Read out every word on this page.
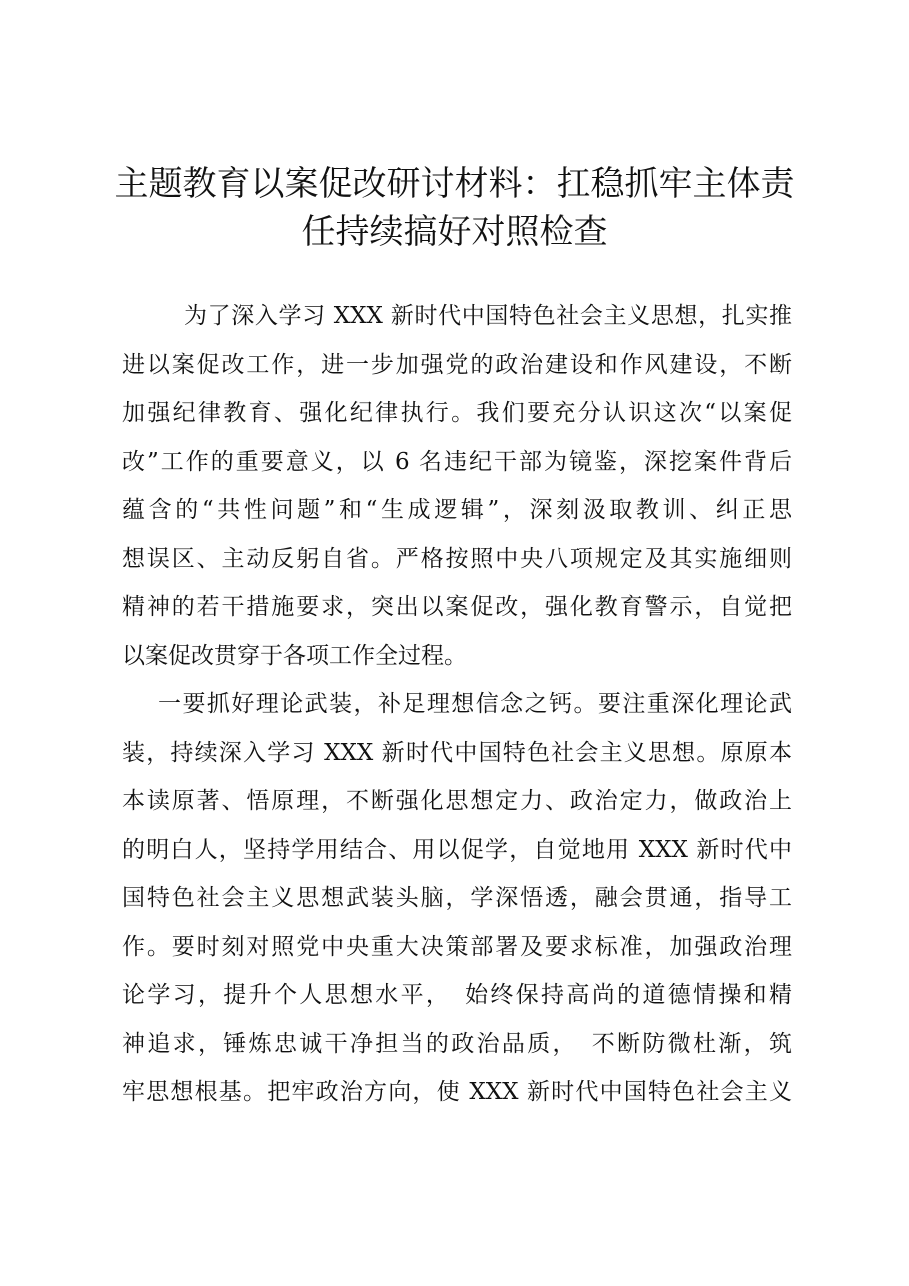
主题教育以案促改研讨材料：扛稳抓牢主体责
任持续搞好对照检查
为了深入学习 XXX 新时代中国特色社会主义思想，扎实推
进以案促改工作，进一步加强党的政治建设和作风建设，不断
加强纪律教育、强化纪律执行。我们要充分认识这次“以案促
改”工作的重要意义，以 6 名违纪干部为镜鉴，深挖案件背后
蕴含的“共性问题”和“生成逻辑”，深刻汲取教训、纠正思
想误区、主动反躬自省。严格按照中央八项规定及其实施细则
精神的若干措施要求，突出以案促改，强化教育警示，自觉把
以案促改贯穿于各项工作全过程。
一要抓好理论武装，补足理想信念之钙。要注重深化理论武
装，持续深入学习 XXX 新时代中国特色社会主义思想。原原本
本读原著、悟原理，不断强化思想定力、政治定力，做政治上
的明白人，坚持学用结合、用以促学，自觉地用 XXX 新时代中
国特色社会主义思想武装头脑，学深悟透，融会贯通，指导工
作。要时刻对照党中央重大决策部署及要求标准，加强政治理
论学习，提升个人思想水平，　始终保持高尚的道德情操和精
神追求，锤炼忠诚干净担当的政治品质，　不断防微杜渐，筑
牢思想根基。把牢政治方向，使 XXX 新时代中国特色社会主义
